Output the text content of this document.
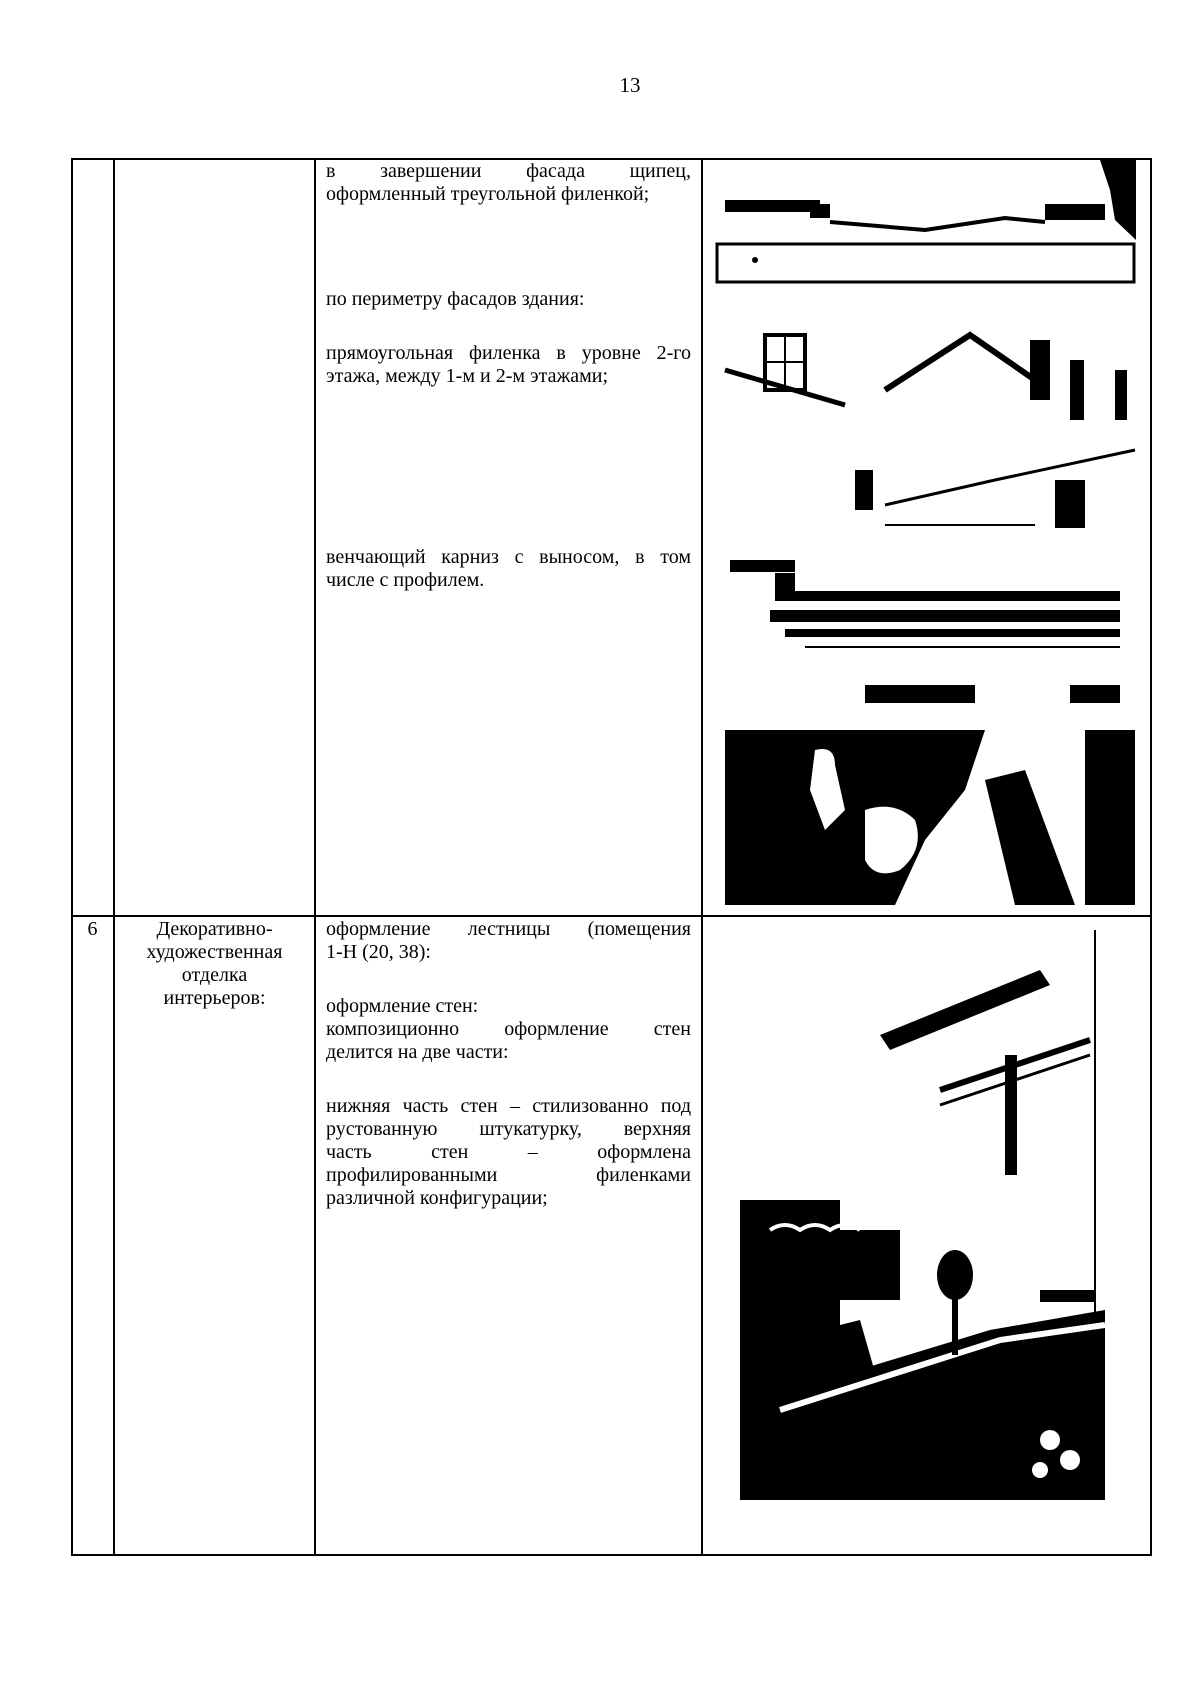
13
в завершении фасада щипец,
оформленный треугольной филенкой;
по периметру фасадов здания:
прямоугольная филенка в уровне 2-го
этажа, между 1-м и 2-м этажами;
венчающий карниз с выносом, в том
числе с профилем.
6	Декоративно-
художественная
отделка
интерьеров:
оформление лестницы (помещения
1-Н (20, 38):
оформление стен:
композиционно оформление стен
делится на две части:
нижняя часть стен – стилизованно под
рустованную штукатурку, верхняя
часть стен – оформлена
профилированными филенками
различной конфигурации;
